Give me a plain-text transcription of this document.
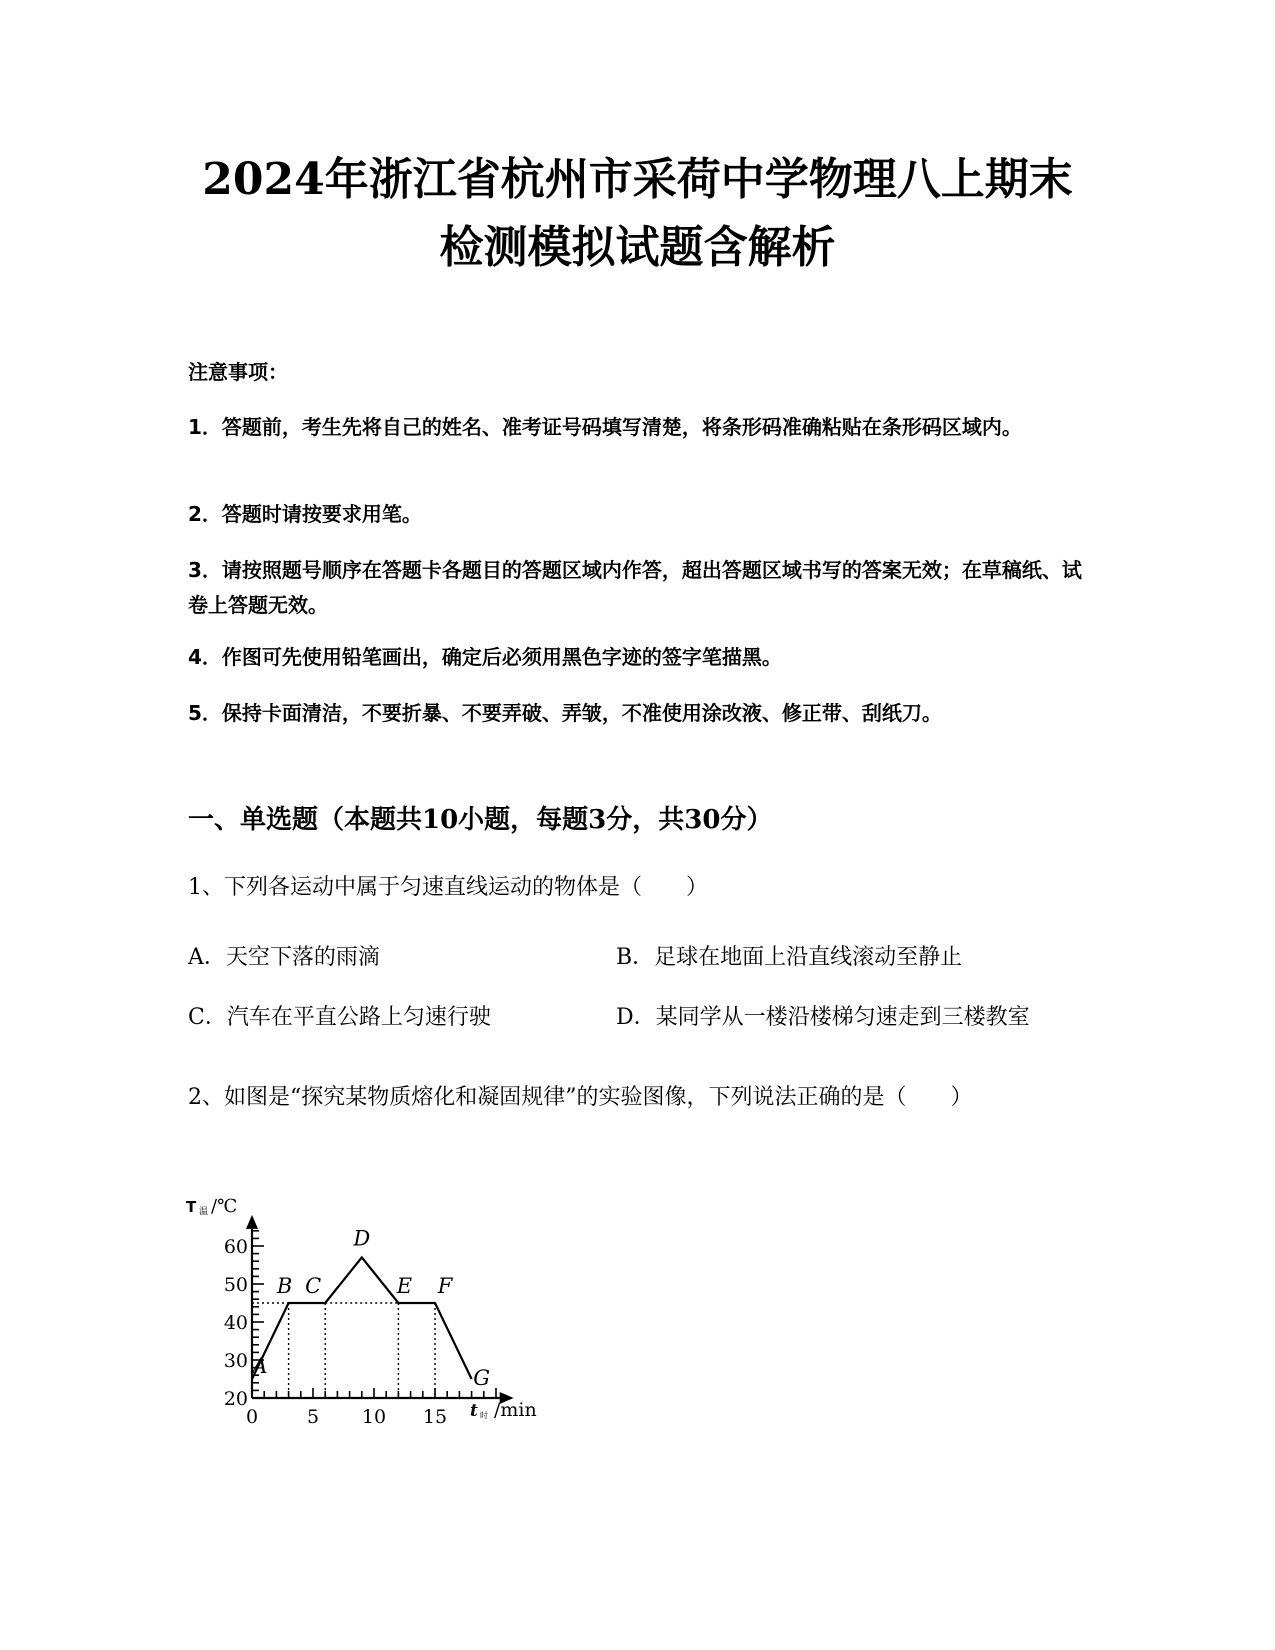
2024年浙江省杭州市采荷中学物理八上期末
检测模拟试题含解析

注意事项：

1．答题前，考生先将自己的姓名、准考证号码填写清楚，将条形码准确粘贴在条形码区域内。

2．答题时请按要求用笔。

3．请按照题号顺序在答题卡各题目的答题区域内作答，超出答题区域书写的答案无效；在草稿纸、试卷上答题无效。

4．作图可先使用铅笔画出，确定后必须用黑色字迹的签字笔描黑。

5．保持卡面清洁，不要折暴、不要弄破、弄皱，不准使用涂改液、修正带、刮纸刀。

一、单选题（本题共10小题，每题3分，共30分）

1、下列各运动中属于匀速直线运动的物体是（　　）

A．天空下落的雨滴	B．足球在地面上沿直线滚动至静止

C．汽车在平直公路上匀速行驶	D．某同学从一楼沿楼梯匀速走到三楼教室

2、如图是“探究某物质熔化和凝固规律”的实验图像，下列说法正确的是（　　）

T 温 /℃
t 时 /min
0	5 10 15
20
30
40
50
60
A
B C
D
E F
G
